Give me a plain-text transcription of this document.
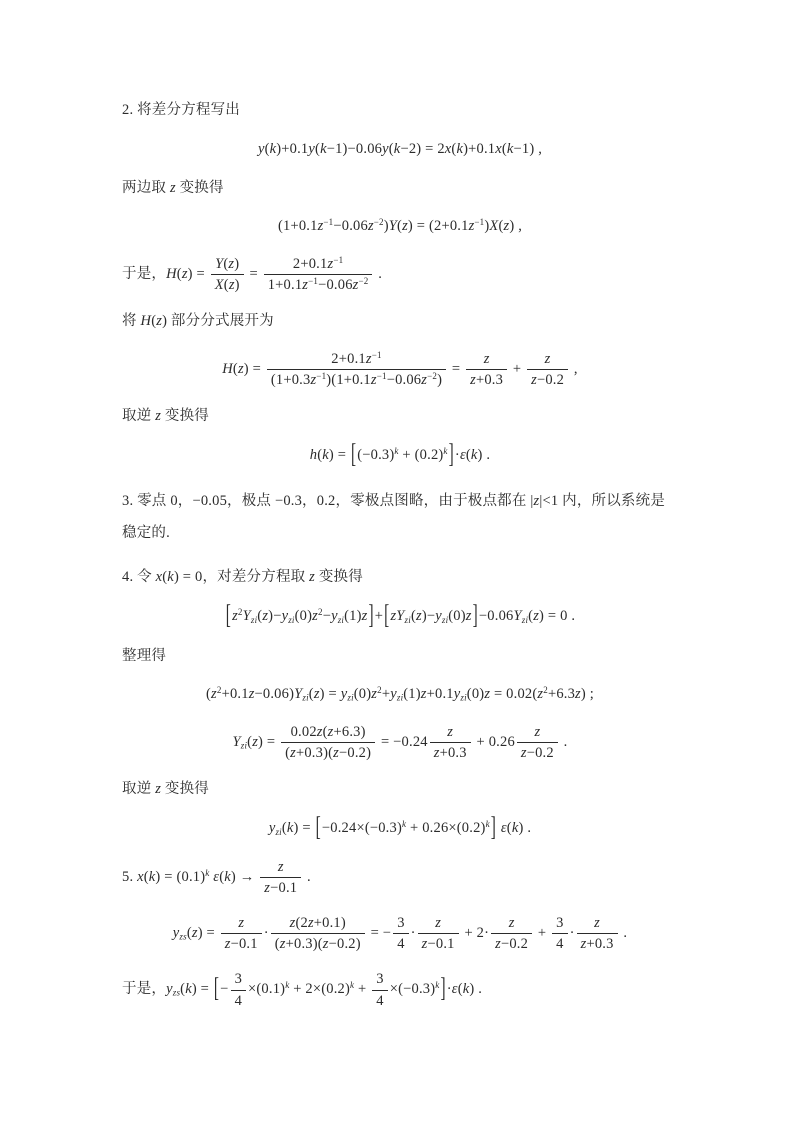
2. 将差分方程写出
y(k)+0.1y(k−1)−0.06y(k−2) = 2x(k)+0.1x(k−1) ,
两边取 z 变换得
$(1+0.1z^{-1}-0.06z^{-2})Y(z) = (2+0.1z^{-1})X(z)$ ,
于是，$H(z) = \frac{Y(z)}{X(z)} = \frac{2+0.1z^{-1}}{1+0.1z^{-1}-0.06z^{-2}}$ .
将 H(z) 部分分式展开为
$H(z) = \frac{2+0.1z^{-1}}{(1+0.3z^{-1})(1+0.1z^{-1}-0.06z^{-2})} = \frac{z}{z+0.3} + \frac{z}{z-0.2}$ ,
取逆 z 变换得
$h(k) = [(-0.3)^k + (0.2)^k]\cdot\varepsilon(k)$ .
3. 零点 0，−0.05，极点 −0.3，0.2，零极点图略，由于极点都在 |z|<1 内，所以系统是稳定的.
4. 令 x(k) = 0，对差分方程取 z 变换得
$[z^2Y_{zi}(z)-y_{zi}(0)z^2-y_{zi}(1)z]+[zY_{zi}(z)-y_{zi}(0)z]-0.06Y_{zi}(z) = 0$ .
整理得
$(z^2+0.1z-0.06)Y_{zi}(z) = y_{zi}(0)z^2+y_{zi}(1)z+0.1y_{zi}(0)z = 0.02(z^2+6.3z)$ ;
$Y_{zi}(z) = \frac{0.02z(z+6.3)}{(z+0.3)(z-0.2)} = -0.24 \frac{z}{z+0.3} + 0.26 \frac{z}{z-0.2}$ .
取逆 z 变换得
$y_{zi}(k) = [-0.24\times(-0.3)^k + 0.26\times(0.2)^k]$ ε(k) .
5. $x(k) = (0.1)^k$ $\varepsilon(k) \to \frac{z}{z-0.1}$ .
$y_{zs}(z) = \frac{z}{z-0.1} \cdot \frac{z(2z+0.1)}{(z+0.3)(z-0.2)}$ = − $\frac{3}{4} \cdot \frac{z}{z-0.1} + 2\cdot \frac{z}{z-0.2} + \frac{3}{4} \cdot \frac{z}{z+0.3}$ .
于是，$y_{zs}(k)$ = [− $\frac{3}{4} \times(0.1)^k + 2\times(0.2)^k + \frac{3}{4} \times(-0.3)^k]\cdot\varepsilon(k)$ .
